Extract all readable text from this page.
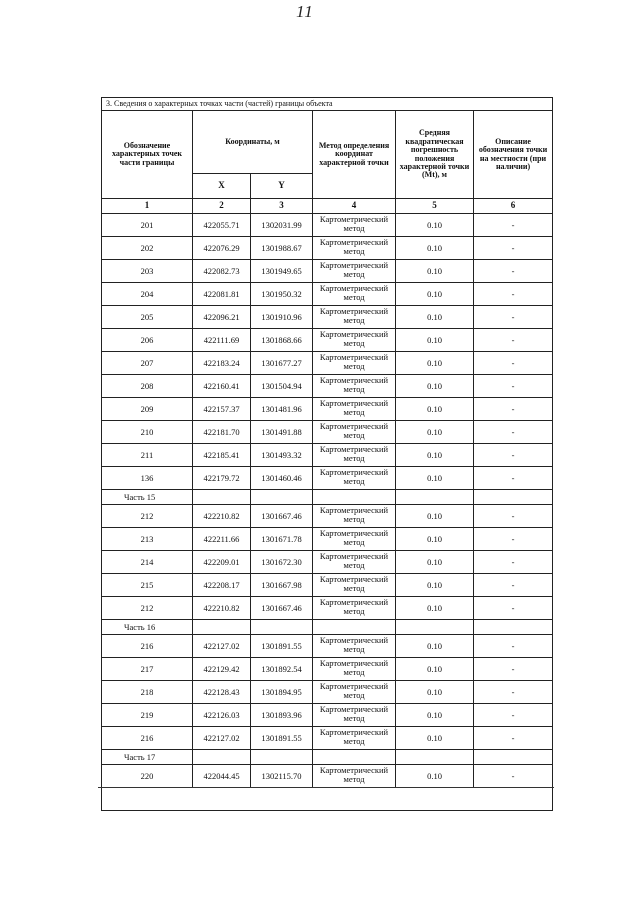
11
3. Сведения о характерных точках части (частей) границы объекта					
Обозначение характерных точек части границы	Координаты, м		Метод определения координат характерной точки	Средняя квадратическая погрешность положения характерной точки (Мt), м	Описание обозначения точки на местности (при наличии)
	X	Y			
1	2	3	4	5	6
201	422055.71	1302031.99	Картометрический метод	0.10	-
202	422076.29	1301988.67	Картометрический метод	0.10	-
203	422082.73	1301949.65	Картометрический метод	0.10	-
204	422081.81	1301950.32	Картометрический метод	0.10	-
205	422096.21	1301910.96	Картометрический метод	0.10	-
206	422111.69	1301868.66	Картометрический метод	0.10	-
207	422183.24	1301677.27	Картометрический метод	0.10	-
208	422160.41	1301504.94	Картометрический метод	0.10	-
209	422157.37	1301481.96	Картометрический метод	0.10	-
210	422181.70	1301491.88	Картометрический метод	0.10	-
211	422185.41	1301493.32	Картометрический метод	0.10	-
136	422179.72	1301460.46	Картометрический метод	0.10	-
Часть 15					
212	422210.82	1301667.46	Картометрический метод	0.10	-
213	422211.66	1301671.78	Картометрический метод	0.10	-
214	422209.01	1301672.30	Картометрический метод	0.10	-
215	422208.17	1301667.98	Картометрический метод	0.10	-
212	422210.82	1301667.46	Картометрический метод	0.10	-
Часть 16					
216	422127.02	1301891.55	Картометрический метод	0.10	-
217	422129.42	1301892.54	Картометрический метод	0.10	-
218	422128.43	1301894.95	Картометрический метод	0.10	-
219	422126.03	1301893.96	Картометрический метод	0.10	-
216	422127.02	1301891.55	Картометрический метод	0.10	-
Часть 17					
220	422044.45	1302115.70	Картометрический метод	0.10	-
